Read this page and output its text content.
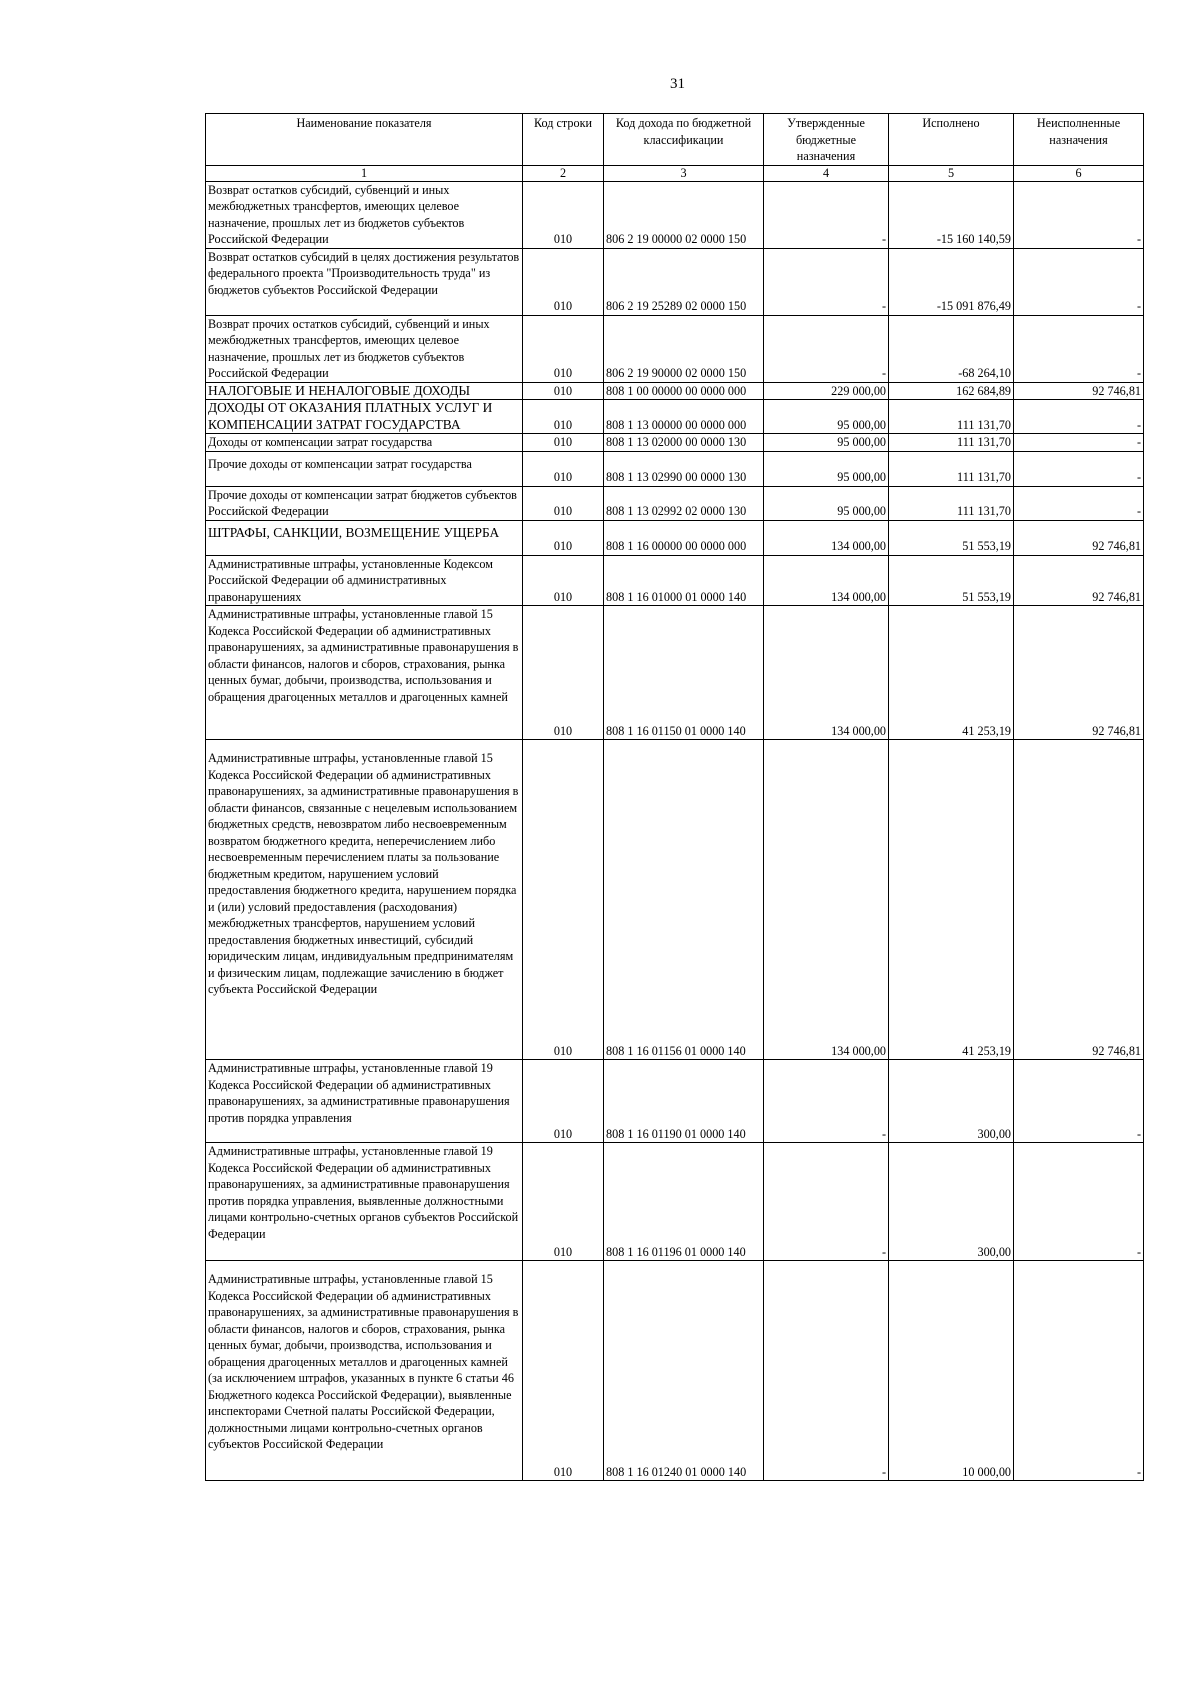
31
Наименование показателя	Код строки	Код дохода по бюджетной классификации	Утвержденные бюджетные назначения	Исполнено	Неисполненные назначения
1	2	3	4	5	6
Возврат остатков субсидий, субвенций и иных межбюджетных трансфертов, имеющих целевое назначение, прошлых лет из бюджетов субъектов Российской Федерации	010	806 2 19 00000 02 0000 150	-	-15 160 140,59	-
Возврат остатков субсидий в целях достижения результатов федерального проекта "Производительность труда" из бюджетов субъектов Российской Федерации	010	806 2 19 25289 02 0000 150	-	-15 091 876,49	-
Возврат прочих остатков субсидий, субвенций и иных межбюджетных трансфертов, имеющих целевое назначение, прошлых лет из бюджетов субъектов Российской Федерации	010	806 2 19 90000 02 0000 150	-	-68 264,10	-
НАЛОГОВЫЕ И НЕНАЛОГОВЫЕ ДОХОДЫ	010	808 1 00 00000 00 0000 000	229 000,00	162 684,89	92 746,81
ДОХОДЫ ОТ ОКАЗАНИЯ ПЛАТНЫХ УСЛУГ И КОМПЕНСАЦИИ ЗАТРАТ ГОСУДАРСТВА	010	808 1 13 00000 00 0000 000	95 000,00	111 131,70	-
Доходы от компенсации затрат государства	010	808 1 13 02000 00 0000 130	95 000,00	111 131,70	-
Прочие доходы от компенсации затрат государства	010	808 1 13 02990 00 0000 130	95 000,00	111 131,70	-
Прочие доходы от компенсации затрат бюджетов субъектов Российской Федерации	010	808 1 13 02992 02 0000 130	95 000,00	111 131,70	-
ШТРАФЫ, САНКЦИИ, ВОЗМЕЩЕНИЕ УЩЕРБА	010	808 1 16 00000 00 0000 000	134 000,00	51 553,19	92 746,81
Административные штрафы, установленные Кодексом Российской Федерации об административных правонарушениях	010	808 1 16 01000 01 0000 140	134 000,00	51 553,19	92 746,81
Административные штрафы, установленные главой 15 Кодекса Российской Федерации об административных правонарушениях, за административные правонарушения в области финансов, налогов и сборов, страхования, рынка ценных бумаг, добычи, производства, использования и обращения драгоценных металлов и драгоценных камней	010	808 1 16 01150 01 0000 140	134 000,00	41 253,19	92 746,81
Административные штрафы, установленные главой 15 Кодекса Российской Федерации об административных правонарушениях, за административные правонарушения в области финансов, связанные с нецелевым использованием бюджетных средств, невозвратом либо несвоевременным возвратом бюджетного кредита, неперечислением либо несвоевременным перечислением платы за пользование бюджетным кредитом, нарушением условий предоставления бюджетного кредита, нарушением порядка и (или) условий предоставления (расходования) межбюджетных трансфертов, нарушением условий предоставления бюджетных инвестиций, субсидий юридическим лицам, индивидуальным предпринимателям и физическим лицам, подлежащие зачислению в бюджет субъекта Российской Федерации	010	808 1 16 01156 01 0000 140	134 000,00	41 253,19	92 746,81
Административные штрафы, установленные главой 19 Кодекса Российской Федерации об административных правонарушениях, за административные правонарушения против порядка управления	010	808 1 16 01190 01 0000 140	-	300,00	-
Административные штрафы, установленные главой 19 Кодекса Российской Федерации об административных правонарушениях, за административные правонарушения против порядка управления, выявленные должностными лицами контрольно-счетных органов субъектов Российской Федерации	010	808 1 16 01196 01 0000 140	-	300,00	-
Административные штрафы, установленные главой 15 Кодекса Российской Федерации об административных правонарушениях, за административные правонарушения в области финансов, налогов и сборов, страхования, рынка ценных бумаг, добычи, производства, использования и обращения драгоценных металлов и драгоценных камней (за исключением штрафов, указанных в пункте 6 статьи 46 Бюджетного кодекса Российской Федерации), выявленные инспекторами Счетной палаты Российской Федерации, должностными лицами контрольно-счетных органов субъектов Российской Федерации	010	808 1 16 01240 01 0000 140	-	10 000,00	-
